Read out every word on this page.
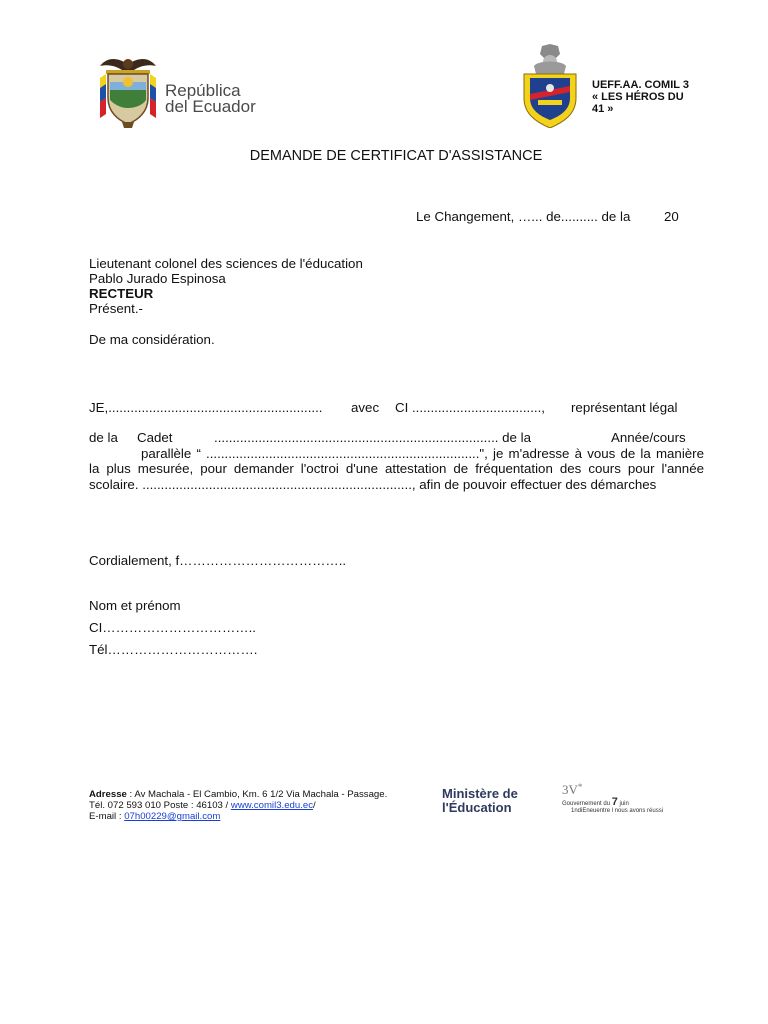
República
del Ecuador
UEFF.AA. COMIL 3
« LES HÉROS DU
41 »
DEMANDE DE CERTIFICAT D'ASSISTANCE
Le Changement, …... de.......... de la	20
Lieutenant colonel des sciences de l'éducation
Pablo Jurado Espinosa
RECTEUR
Présent.-
De ma considération.
JE,.......................................................... avec CI ..................................., représentant légal
de la Cadet	............................................................................. de la	Année/cours
parallèle “ ..........................................................................", je m'adresse à vous de la manière la plus mesurée, pour demander l'octroi d'une attestation de fréquentation des cours pour l'année scolaire. ........................................................................., afin de pouvoir effectuer des démarches
Cordialement, f………………………………..
Nom et prénom
CI……………………………..
Tél…………………………….
Adresse : Av Machala - El Cambio, Km. 6 1/2 Via Machala - Passage.
Tél. 072 593 010 Poste : 46103 / www.comil3.edu.ec/
E-mail : 07h00229@gmail.com
Ministère de
l'Éducation
3V*
Gouvernement du 7 juin
1ndiEneuentre l nous avons réussi
